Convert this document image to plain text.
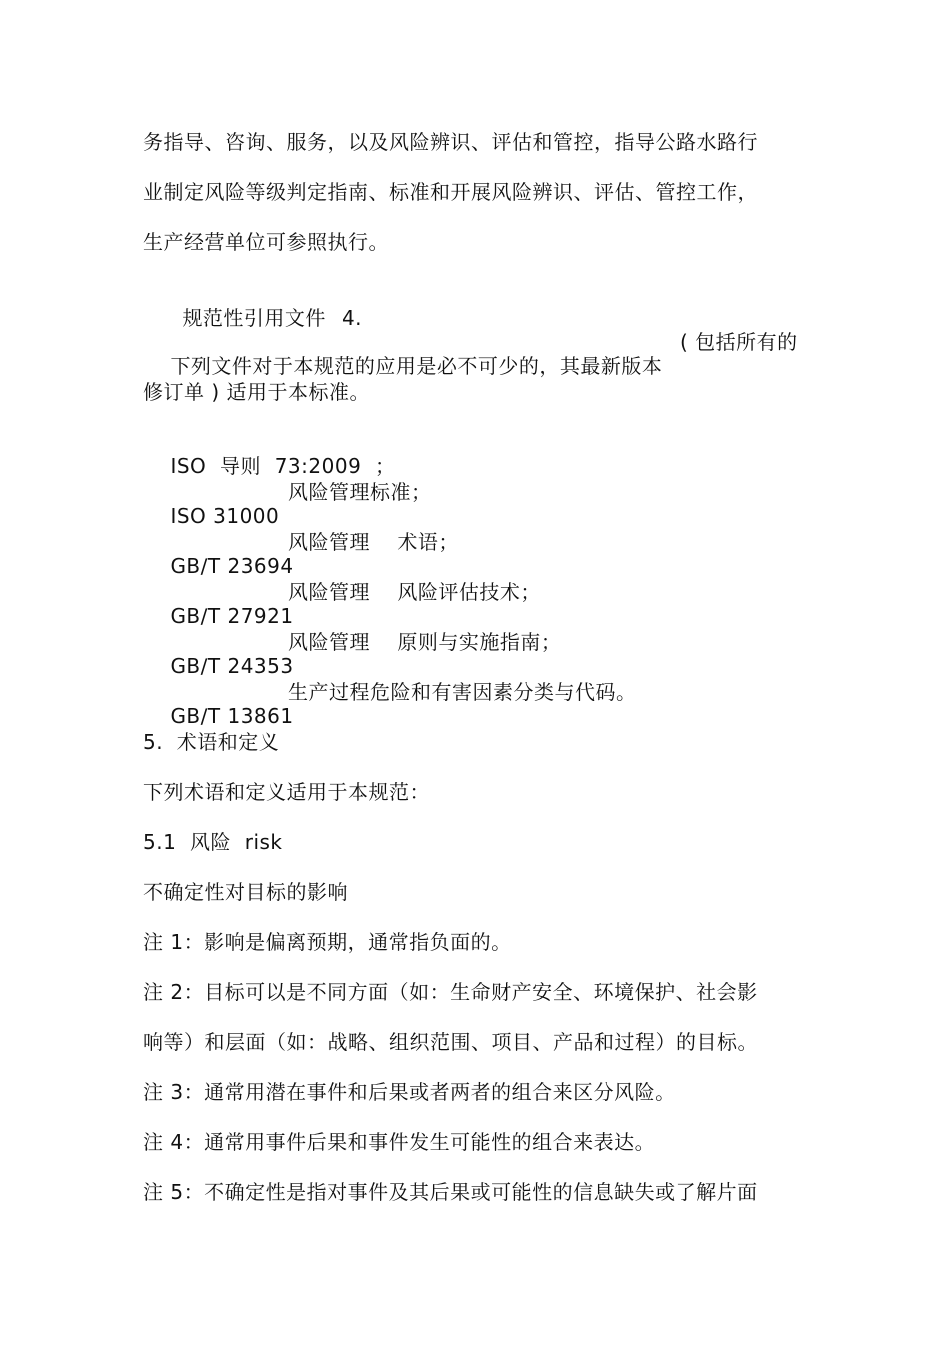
务指导、咨询、服务，以及风险辨识、评估和管控，指导公路水路行
业制定风险等级判定指南、标准和开展风险辨识、评估、管控工作，
生产经营单位可参照执行。

规范性引用文件 4.

下列文件对于本规范的应用是必不可少的，其最新版本

( 包括所有的

修订单 ) 适用于本标准。

ISO  导则  73:2009  ；

ISO 31000

风险管理标准；

GB∕T 23694

风险管理    术语；

GB∕T 27921

风险管理    风险评估技术；

GB∕T 24353

风险管理    原则与实施指南；

GB∕T 13861

生产过程危险和有害因素分类与代码。

5.  术语和定义
下列术语和定义适用于本规范：
5.1  风险  risk
不确定性对目标的影响
注 1：影响是偏离预期，通常指负面的。
注 2：目标可以是不同方面（如：生命财产安全、环境保护、社会影
响等）和层面（如：战略、组织范围、项目、产品和过程）的目标。
注 3：通常用潜在事件和后果或者两者的组合来区分风险。
注 4：通常用事件后果和事件发生可能性的组合来表达。
注 5：不确定性是指对事件及其后果或可能性的信息缺失或了解片面
